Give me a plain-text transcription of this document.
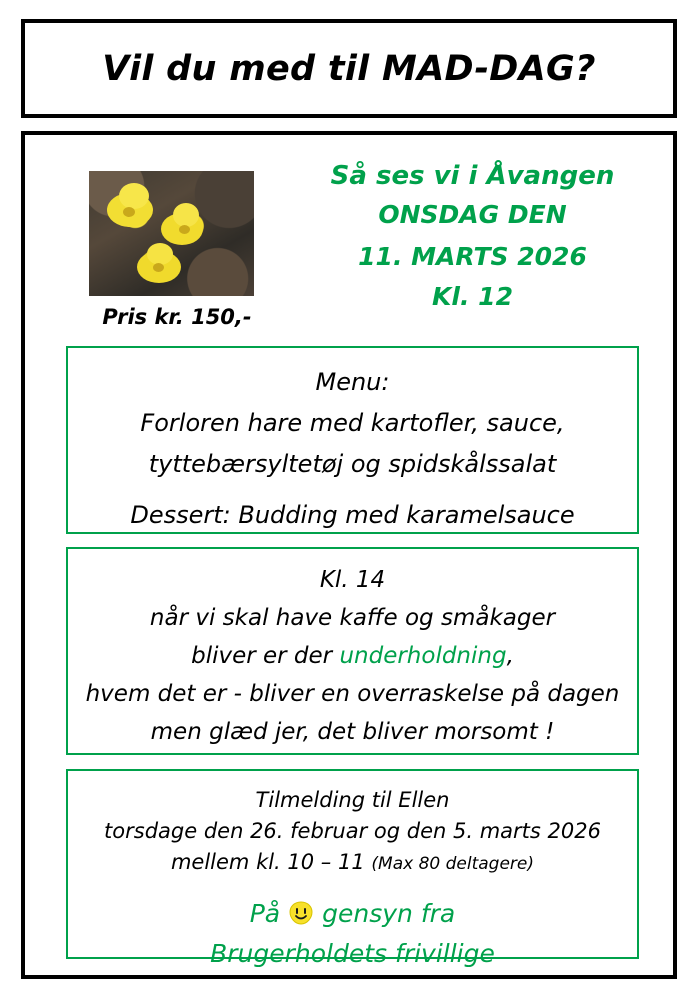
Vil du med til MAD-DAG?
Pris kr. 150,-
Så ses vi i Åvangen
ONSDAG DEN
11. MARTS 2026
Kl. 12
Menu:
Forloren hare med kartofler, sauce,
tyttebærsyltetøj og spidskålssalat
Dessert: Budding med karamelsauce
Kl. 14
når vi skal have kaffe og småkager
bliver er der underholdning,
hvem det er - bliver en overraskelse på dagen
men glæd jer, det bliver morsomt !
Tilmelding til Ellen
torsdage den 26. februar og den 5. marts 2026
mellem kl. 10 – 11 (Max 80 deltagere)
På gensyn fra
Brugerholdets frivillige
